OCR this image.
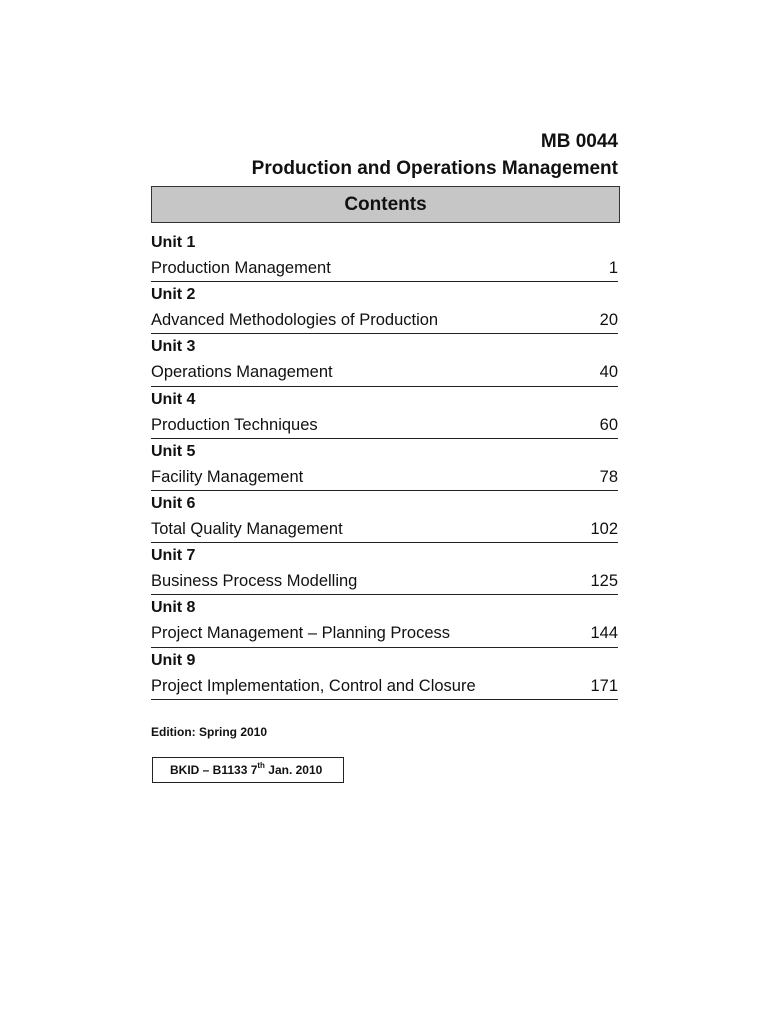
MB 0044
Production and Operations Management
Contents
Unit 1
Production Management	1
Unit 2
Advanced Methodologies of Production	20
Unit 3
Operations Management	40
Unit 4
Production Techniques	60
Unit 5
Facility Management	78
Unit 6
Total Quality Management	102
Unit 7
Business Process Modelling	125
Unit 8
Project Management – Planning Process	144
Unit 9
Project Implementation, Control and Closure	171
Edition: Spring 2010
BKID – B1133 7th Jan. 2010
